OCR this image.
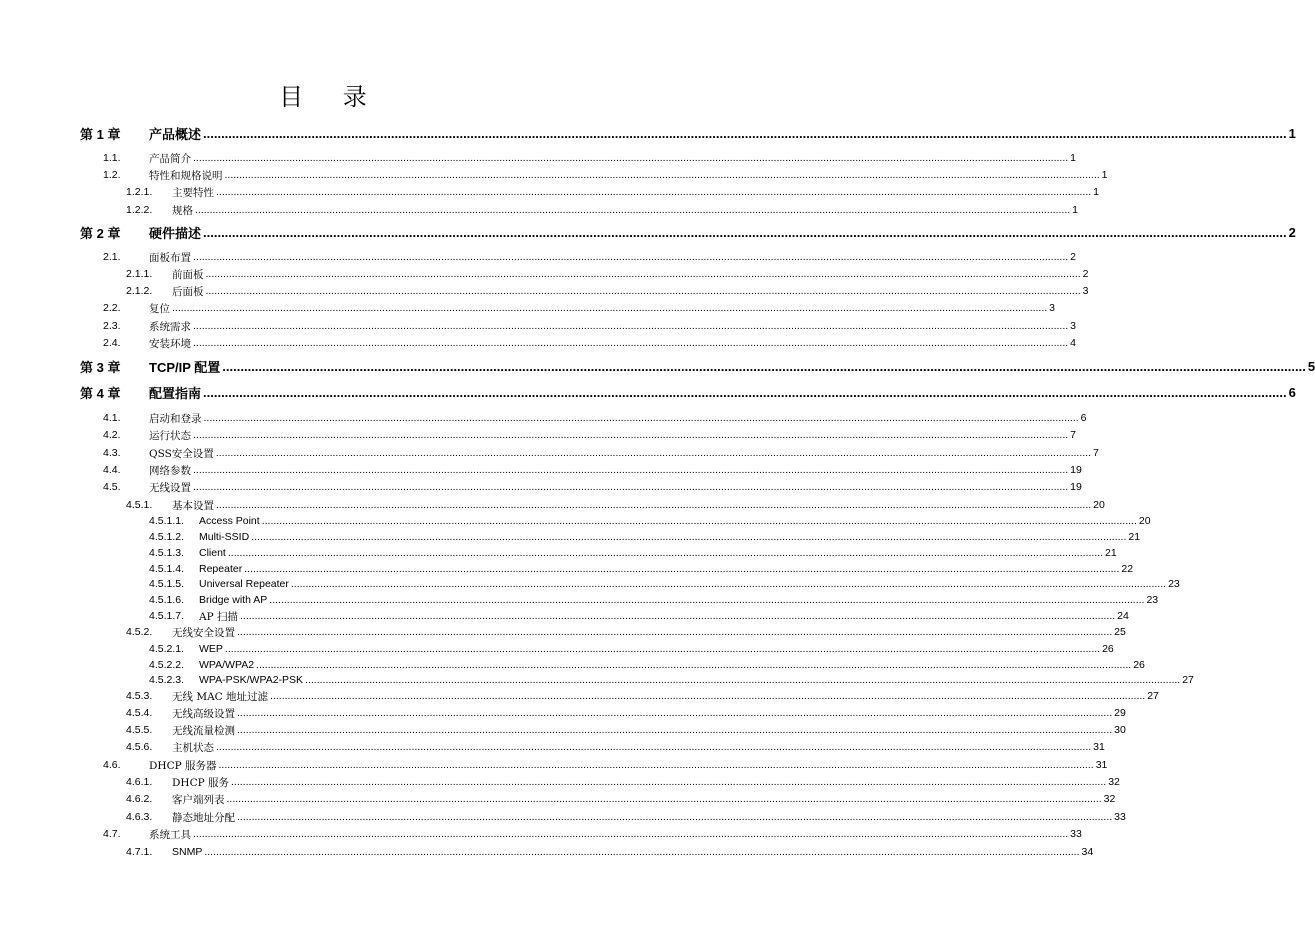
目 录
第 1 章 产品概述 ............................................................................................................................................................................................................................................................................................................ 1
1.1.	产品简介 ............................................................................................................................................................................................................................................................................................................ 1
1.2.	特性和规格说明 ............................................................................................................................................................................................................................................................................................................ 1
1.2.1. 主要特性 ............................................................................................................................................................................................................................................................................................................ 1
1.2.2. 规格 ............................................................................................................................................................................................................................................................................................................ 1
第 2 章 硬件描述 ............................................................................................................................................................................................................................................................................................................ 2
2.1.	面板布置 ............................................................................................................................................................................................................................................................................................................ 2
2.1.1. 前面板 ............................................................................................................................................................................................................................................................................................................ 2
2.1.2. 后面板 ............................................................................................................................................................................................................................................................................................................ 3
2.2.	复位 ............................................................................................................................................................................................................................................................................................................ 3
2.3.	系统需求 ............................................................................................................................................................................................................................................................................................................ 3
2.4.	安装环境 ............................................................................................................................................................................................................................................................................................................ 4
第 3 章 TCP/IP 配置 ............................................................................................................................................................................................................................................................................................................ 5
第 4 章 配置指南 ............................................................................................................................................................................................................................................................................................................ 6
4.1.	启动和登录 ............................................................................................................................................................................................................................................................................................................ 6
4.2.	运行状态 ............................................................................................................................................................................................................................................................................................................ 7
4.3.	QSS安全设置 ............................................................................................................................................................................................................................................................................................................ 7
4.4.	网络参数 ............................................................................................................................................................................................................................................................................................................ 19
4.5.	无线设置 ............................................................................................................................................................................................................................................................................................................ 19
4.5.1. 基本设置 ............................................................................................................................................................................................................................................................................................................ 20
4.5.1.1. Access Point ............................................................................................................................................................................................................................................................................................................ 20
4.5.1.2. Multi-SSID ............................................................................................................................................................................................................................................................................................................ 21
4.5.1.3. Client ............................................................................................................................................................................................................................................................................................................ 21
4.5.1.4. Repeater ............................................................................................................................................................................................................................................................................................................ 22
4.5.1.5. Universal Repeater ............................................................................................................................................................................................................................................................................................................ 23
4.5.1.6. Bridge with AP ............................................................................................................................................................................................................................................................................................................ 23
4.5.1.7. AP 扫描 ............................................................................................................................................................................................................................................................................................................ 24
4.5.2. 无线安全设置 ............................................................................................................................................................................................................................................................................................................ 25
4.5.2.1. WEP ............................................................................................................................................................................................................................................................................................................ 26
4.5.2.2. WPA/WPA2 ............................................................................................................................................................................................................................................................................................................ 26
4.5.2.3. WPA-PSK/WPA2-PSK ............................................................................................................................................................................................................................................................................................................ 27
4.5.3. 无线 MAC 地址过滤 ............................................................................................................................................................................................................................................................................................................ 27
4.5.4. 无线高级设置 ............................................................................................................................................................................................................................................................................................................ 29
4.5.5. 无线流量检测 ............................................................................................................................................................................................................................................................................................................ 30
4.5.6. 主机状态 ............................................................................................................................................................................................................................................................................................................ 31
4.6.	DHCP 服务器 ............................................................................................................................................................................................................................................................................................................ 31
4.6.1. DHCP 服务 ............................................................................................................................................................................................................................................................................................................ 32
4.6.2. 客户端列表 ............................................................................................................................................................................................................................................................................................................ 32
4.6.3. 静态地址分配 ............................................................................................................................................................................................................................................................................................................ 33
4.7.	系统工具 ............................................................................................................................................................................................................................................................................................................ 33
4.7.1. SNMP ............................................................................................................................................................................................................................................................................................................ 34
